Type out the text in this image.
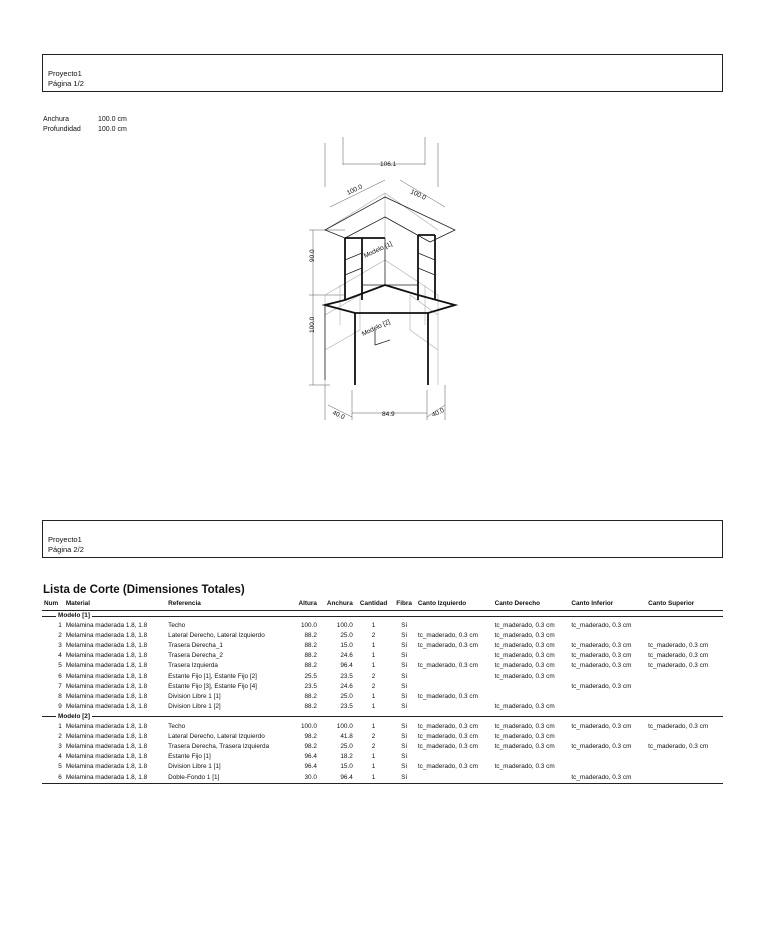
Proyecto1
Página 1/2
Anchura	100.0 cm
Profundidad	100.0 cm
106.1
100.0	100.0
90.0
100.0
84.9
40.0	40.0
Modelo [1]
Modelo [2]
Proyecto1
Página 2/2
Lista de Corte (Dimensiones Totales)
Num	Material	Referencia	Altura	Anchura	Cantidad	Fibra	Canto Izquierdo	Canto Derecho	Canto Inferior	Canto Superior

Modelo [1]										

1	Melamina maderada 1.8, 1.8	Techo	100.0	100.0	1	Sí		tc_maderado, 0.3 cm	tc_maderado, 0.3 cm	
2	Melamina maderada 1.8, 1.8	Lateral Derecho, Lateral Izquierdo	88.2	25.0	2	Sí	tc_maderado, 0.3 cm	tc_maderado, 0.3 cm		
3	Melamina maderada 1.8, 1.8	Trasera Derecha_1	88.2	15.0	1	Sí	tc_maderado, 0.3 cm	tc_maderado, 0.3 cm	tc_maderado, 0.3 cm	tc_maderado, 0.3 cm
4	Melamina maderada 1.8, 1.8	Trasera Derecha_2	88.2	24.6	1	Sí		tc_maderado, 0.3 cm	tc_maderado, 0.3 cm	tc_maderado, 0.3 cm
5	Melamina maderada 1.8, 1.8	Trasera Izquierda	88.2	96.4	1	Sí	tc_maderado, 0.3 cm	tc_maderado, 0.3 cm	tc_maderado, 0.3 cm	tc_maderado, 0.3 cm
6	Melamina maderada 1.8, 1.8	Estante Fijo [1], Estante Fijo [2]	25.5	23.5	2	Sí		tc_maderado, 0.3 cm		
7	Melamina maderada 1.8, 1.8	Estante Fijo [3], Estante Fijo [4]	23.5	24.6	2	Sí			tc_maderado, 0.3 cm	
8	Melamina maderada 1.8, 1.8	Division Libre 1 [1]	88.2	25.0	1	Sí	tc_maderado, 0.3 cm			
9	Melamina maderada 1.8, 1.8	Division Libre 1 [2]	88.2	23.5	1	Sí		tc_maderado, 0.3 cm		

Modelo [2]										

1	Melamina maderada 1.8, 1.8	Techo	100.0	100.0	1	Sí	tc_maderado, 0.3 cm	tc_maderado, 0.3 cm	tc_maderado, 0.3 cm	tc_maderado, 0.3 cm
2	Melamina maderada 1.8, 1.8	Lateral Derecho, Lateral Izquierdo	98.2	41.8	2	Sí	tc_maderado, 0.3 cm	tc_maderado, 0.3 cm		
3	Melamina maderada 1.8, 1.8	Trasera Derecha, Trasera Izquierda	98.2	25.0	2	Sí	tc_maderado, 0.3 cm	tc_maderado, 0.3 cm	tc_maderado, 0.3 cm	tc_maderado, 0.3 cm
4	Melamina maderada 1.8, 1.8	Estante Fijo [1]	96.4	18.2	1	Sí				
5	Melamina maderada 1.8, 1.8	Division Libre 1 [1]	96.4	15.0	1	Sí	tc_maderado, 0.3 cm	tc_maderado, 0.3 cm		
6	Melamina maderada 1.8, 1.8	Doble-Fondo 1 [1]	30.0	96.4	1	Sí			tc_maderado, 0.3 cm	
